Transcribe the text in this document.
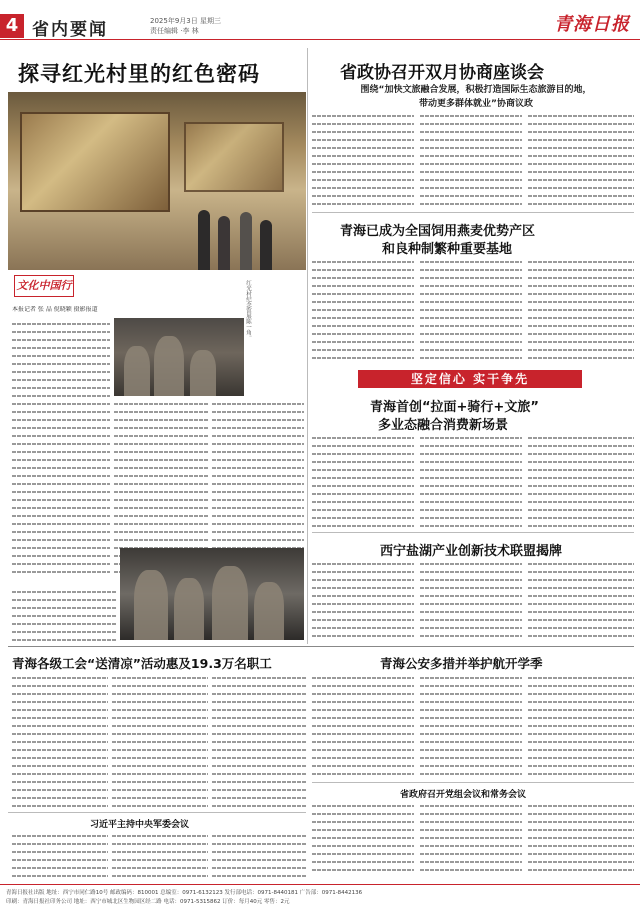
4 省内要闻	2025年9月3日 星期三
责任编辑 ·李 林	青海日报
探寻红光村里的红色密码
文化中国行	红光村纪念馆展陈一角。
本报记者 张 晶 倪晓颖 摄影报道
省政协召开双月协商座谈会
围绕“加快文旅融合发展，积极打造国际生态旅游目的地，
带动更多群体就业”协商议政
青海已成为全国饲用燕麦优势产区
和良种制繁种重要基地
坚定信心 实干争先
青海首创“拉面+骑行+文旅”
多业态融合消费新场景
西宁盐湖产业创新技术联盟揭牌
青海各级工会“送清凉”活动惠及19.3万名职工
习近平主持中央军委会议
青海公安多措并举护航开学季
省政府召开党组会议和常务会议
青海日报社出版 地址：西宁市同仁路10号 邮政编码：810001 总编室：0971-6132123 发行部电话：0971-8440181 广告部：0971-8442136
印刷：青海日报社印务公司 地址：西宁市城北区生物园区经二路 电话：0971-5315862 订价：每月40元 零售：2元
